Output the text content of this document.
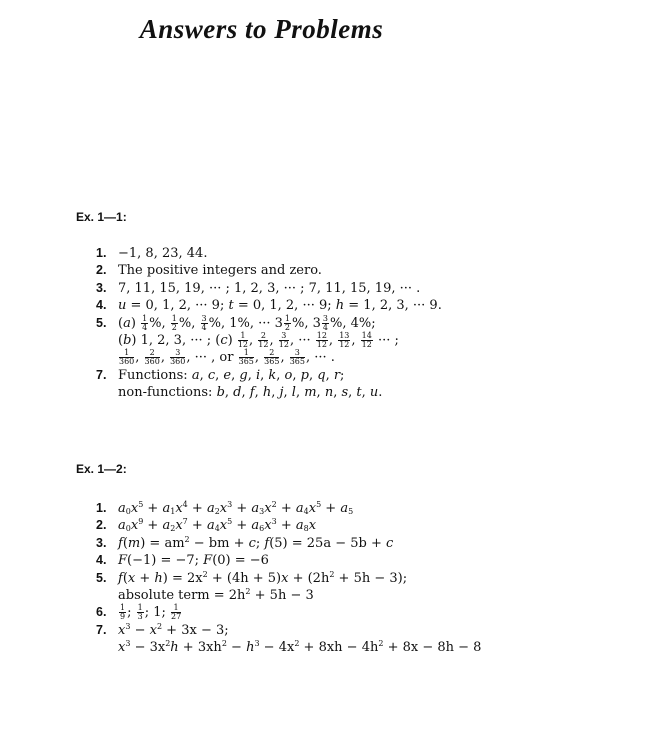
Answers to Problems
Ex. 1—1:
1. −1, 8, 23, 44.
2. The positive integers and zero.
3. 7, 11, 15, 19, ··· ; 1, 2, 3, ··· ; 7, 11, 15, 19, ··· .
4. u = 0, 1, 2, ··· 9; t = 0, 1, 2, ··· 9; h = 1, 2, 3, ··· 9.
5. $(a) \frac{1}{4}$ %, $\frac{1}{2}$ %, $\frac{3}{4}$ %, 1%, ··· $3 \frac{1}{2}$ %, $3 \frac{3}{4}$ %, 4%;
(b) 1, 2, 3, ··· ; $(c) \frac{1}{12}$ , $\frac{2}{12}$ , $\frac{3}{12}$ , ··· $\frac{12}{12}$ , $\frac{13}{12}$ , $\frac{14}{12}$ ··· ;
$\frac{1}{360}$ , $\frac{2}{360}$ , $\frac{3}{360}$ , ··· , or $\frac{1}{365}$ , $\frac{2}{365}$ , $\frac{3}{365}$ , ··· .
7. Functions: a, c, e, g, i, k, o, p, q, r;
non-functions: b, d, f, h, j, l, m, n, s, t, u.
Ex. 1—2:
1. $a_0x^5 + a_1x^4 + a_2x^3 + a_3x^2 + a_4x^5 + a_5$
2. $a_0x^9 + a_2x^7 + a_4x^5 + a_6x^3 + a_8x$
3. $f(m) = am^2$ − bm + c; f(5) = 25a − 5b + c
4. F(−1) = −7; F(0) = −6
5. $f(x + h) = 2x^2 + (4h + 5)x + (2h^2 + 5h - 3)$;
absolute term = $2h^2 + 5h - 3$
6. $\frac{1}{9}$ ; $\frac{1}{3}$ ; 1; $\frac{1}{27}$
7. $x^3 - x^2 + 3x - 3$;
$x^3 - 3x^2h + 3xh^2 - h^3 - 4x^2 + 8xh - 4h^2 + 8x - 8h - 8$
